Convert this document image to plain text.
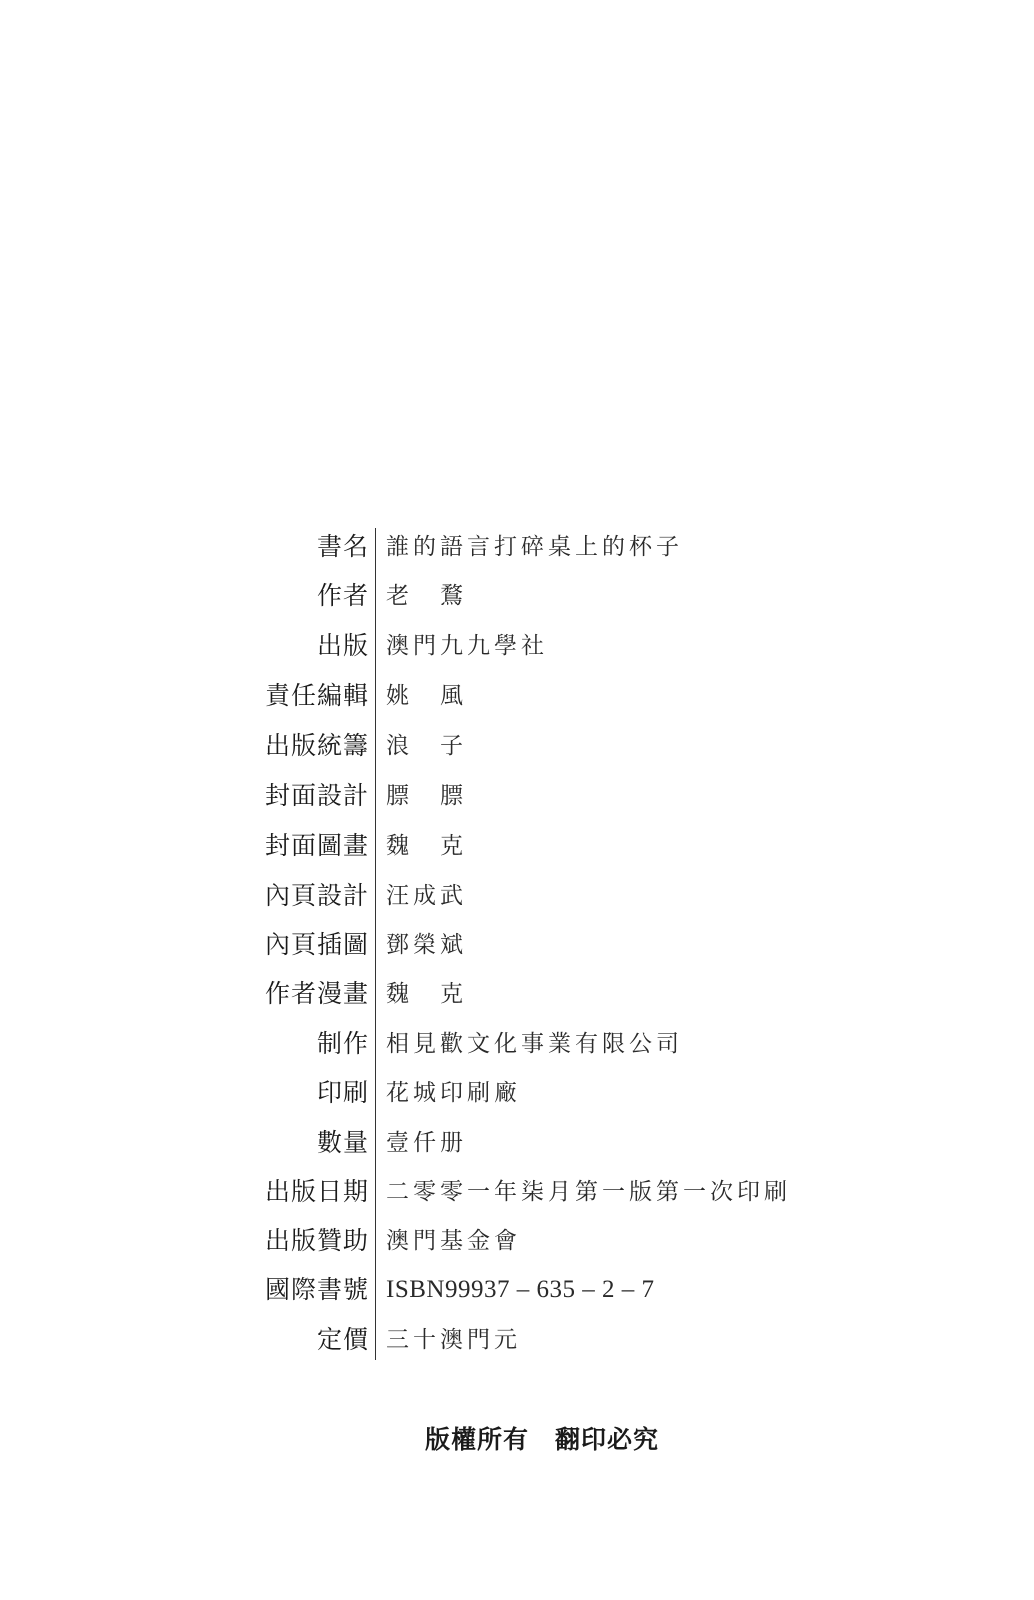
書名 誰的語言打碎桌上的杯子
作者 老　鶩
出版 澳門九九學社
責任編輯 姚　風
出版統籌 浪　子
封面設計 膘　膘
封面圖畫 魏　克
內頁設計 汪成武
內頁插圖 鄧榮斌
作者漫畫 魏　克
制作 相見歡文化事業有限公司
印刷 花城印刷廠
數量 壹仟册
出版日期 二零零一年柒月第一版第一次印刷
出版贊助 澳門基金會
國際書號 ISBN99937 – 635 – 2 – 7
定價 三十澳門元
版權所有　翻印必究
